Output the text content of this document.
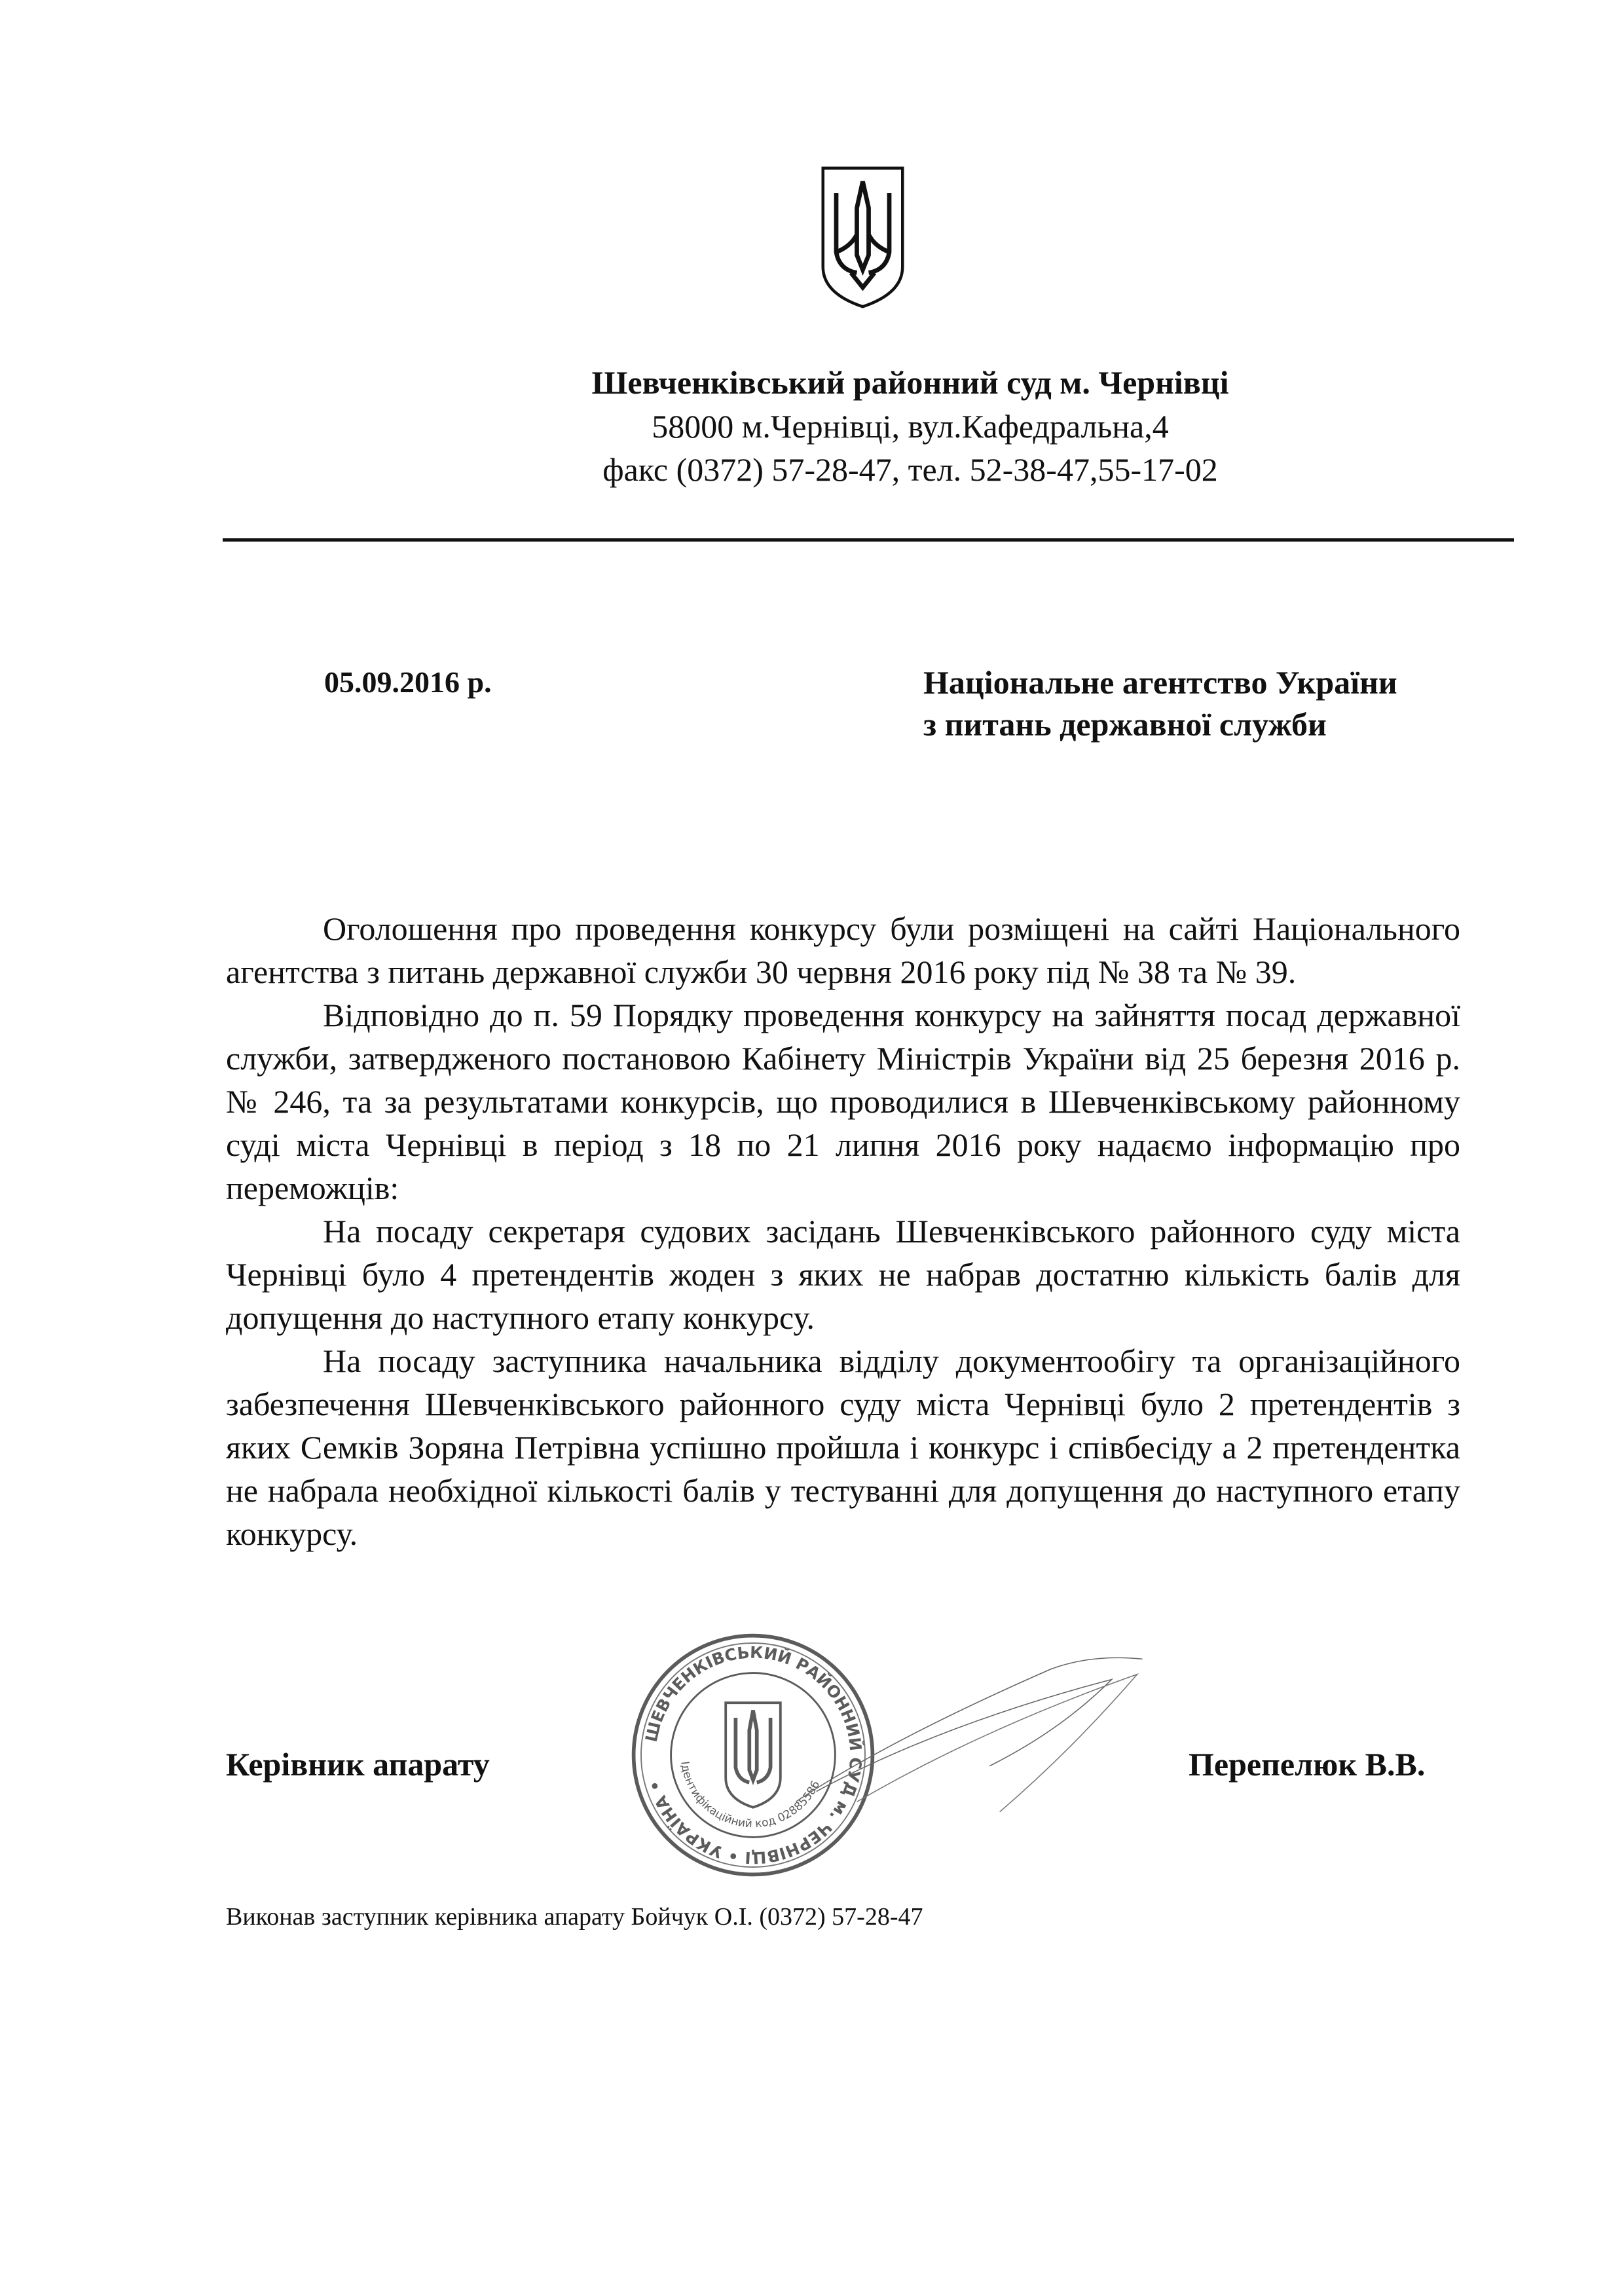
Шевченківський районний суд м. Чернівці
58000 м.Чернівці, вул.Кафедральна,4
факс (0372) 57-28-47, тел. 52-38-47,55-17-02
05.09.2016 р.	Національне агентство України
з питань державної служби

Оголошення про проведення конкурсу були розміщені на сайті Національного агентства з питань державної служби 30 червня 2016 року під № 38 та № 39.

Відповідно до п. 59 Порядку проведення конкурсу на зайняття посад державної служби, затвердженого постановою Кабінету Міністрів України від 25 березня 2016 р. № 246, та за результатами конкурсів, що проводилися в Шевченківському районному суді міста Чернівці в період з 18 по 21 липня 2016 року надаємо інформацію про переможців:

На посаду секретаря судових засідань Шевченківського районного суду міста Чернівці було 4 претендентів жоден з яких не набрав достатню кількість балів для допущення до наступного етапу конкурсу.

На посаду заступника начальника відділу документообігу та організаційного забезпечення Шевченківського районного суду міста Чернівці було 2 претендентів з яких Семків Зоряна Петрівна успішно пройшла і конкурс і співбесіду а 2 претендентка не набрала необхідної кількості балів у тестуванні для допущення до наступного етапу конкурсу.

Керівник апарату	Перепелюк В.В.
ШЕВЧЕНКІВСЬКИЙ РАЙОННИЙ СУД м. ЧЕРНІВЦІ • УКРАЇНА •
Ідентифікаційний код 02885586
Виконав заступник керівника апарату Бойчук О.І. (0372) 57-28-47
